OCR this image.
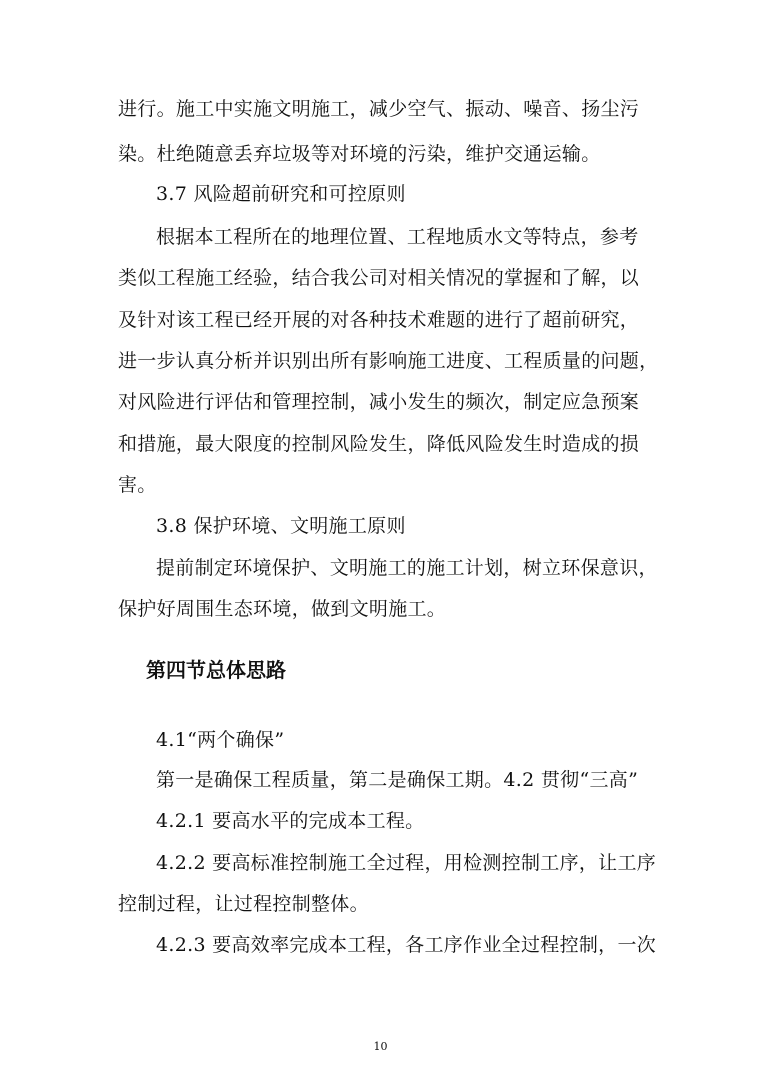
进行。施工中实施文明施工，减少空气、振动、噪音、扬尘污
染。杜绝随意丢弃垃圾等对环境的污染，维护交通运输。
3.7 风险超前研究和可控原则
根据本工程所在的地理位置、工程地质水文等特点，参考
类似工程施工经验，结合我公司对相关情况的掌握和了解，以
及针对该工程已经开展的对各种技术难题的进行了超前研究，
进一步认真分析并识别出所有影响施工进度、工程质量的问题，
对风险进行评估和管理控制，减小发生的频次，制定应急预案
和措施，最大限度的控制风险发生，降低风险发生时造成的损
害。
3.8 保护环境、文明施工原则
提前制定环境保护、文明施工的施工计划，树立环保意识，
保护好周围生态环境，做到文明施工。
第四节总体思路
4.1“两个确保”
第一是确保工程质量，第二是确保工期。4.2 贯彻“三高”
4.2.1 要高水平的完成本工程。
4.2.2 要高标准控制施工全过程，用检测控制工序，让工序
控制过程，让过程控制整体。
4.2.3 要高效率完成本工程，各工序作业全过程控制，一次
10
